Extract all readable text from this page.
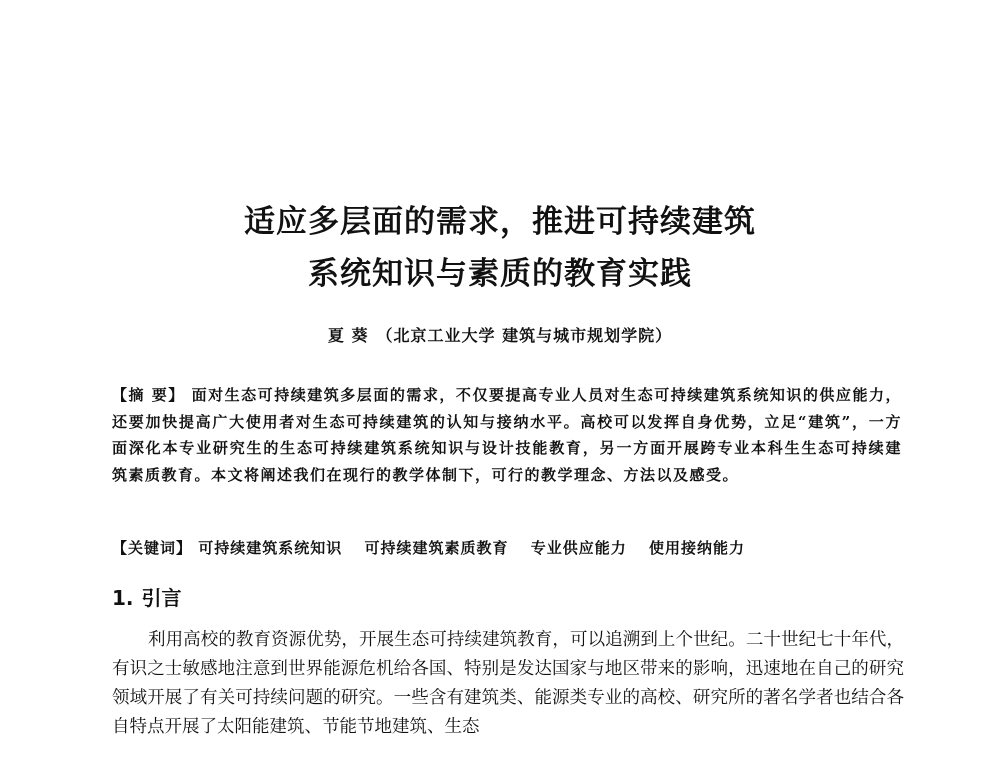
适应多层面的需求，推进可持续建筑
系统知识与素质的教育实践
夏 葵 （北京工业大学 建筑与城市规划学院）
【摘 要】 面对生态可持续建筑多层面的需求，不仅要提高专业人员对生态可持续建筑系统知识的供应能力，还要加快提高广大使用者对生态可持续建筑的认知与接纳水平。高校可以发挥自身优势，立足“建筑”，一方面深化本专业研究生的生态可持续建筑系统知识与设计技能教育，另一方面开展跨专业本科生生态可持续建筑素质教育。本文将阐述我们在现行的教学体制下，可行的教学理念、方法以及感受。
【关键词】 可持续建筑系统知识 可持续建筑素质教育 专业供应能力 使用接纳能力
1. 引言
利用高校的教育资源优势，开展生态可持续建筑教育，可以追溯到上个世纪。二十世纪七十年代，有识之士敏感地注意到世界能源危机给各国、特别是发达国家与地区带来的影响，迅速地在自己的研究领域开展了有关可持续问题的研究。一些含有建筑类、能源类专业的高校、研究所的著名学者也结合各自特点开展了太阳能建筑、节能节地建筑、生态
